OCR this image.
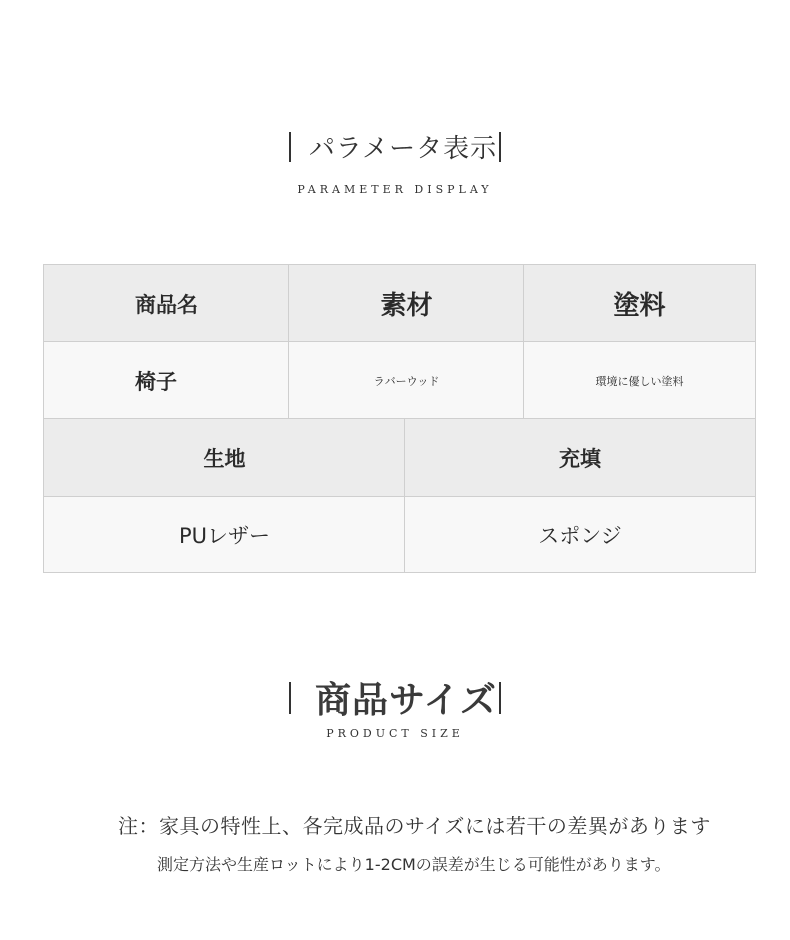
パラメータ表示
PARAMETER DISPLAY
商品名	素材	塗料
椅子	ラバーウッド	環境に優しい塗料
生地	充填
PUレザー	スポンジ
商品サイズ
PRODUCT SIZE
注：家具の特性上、各完成品のサイズには若干の差異があります
測定方法や生産ロットにより1-2CMの誤差が生じる可能性があります。
